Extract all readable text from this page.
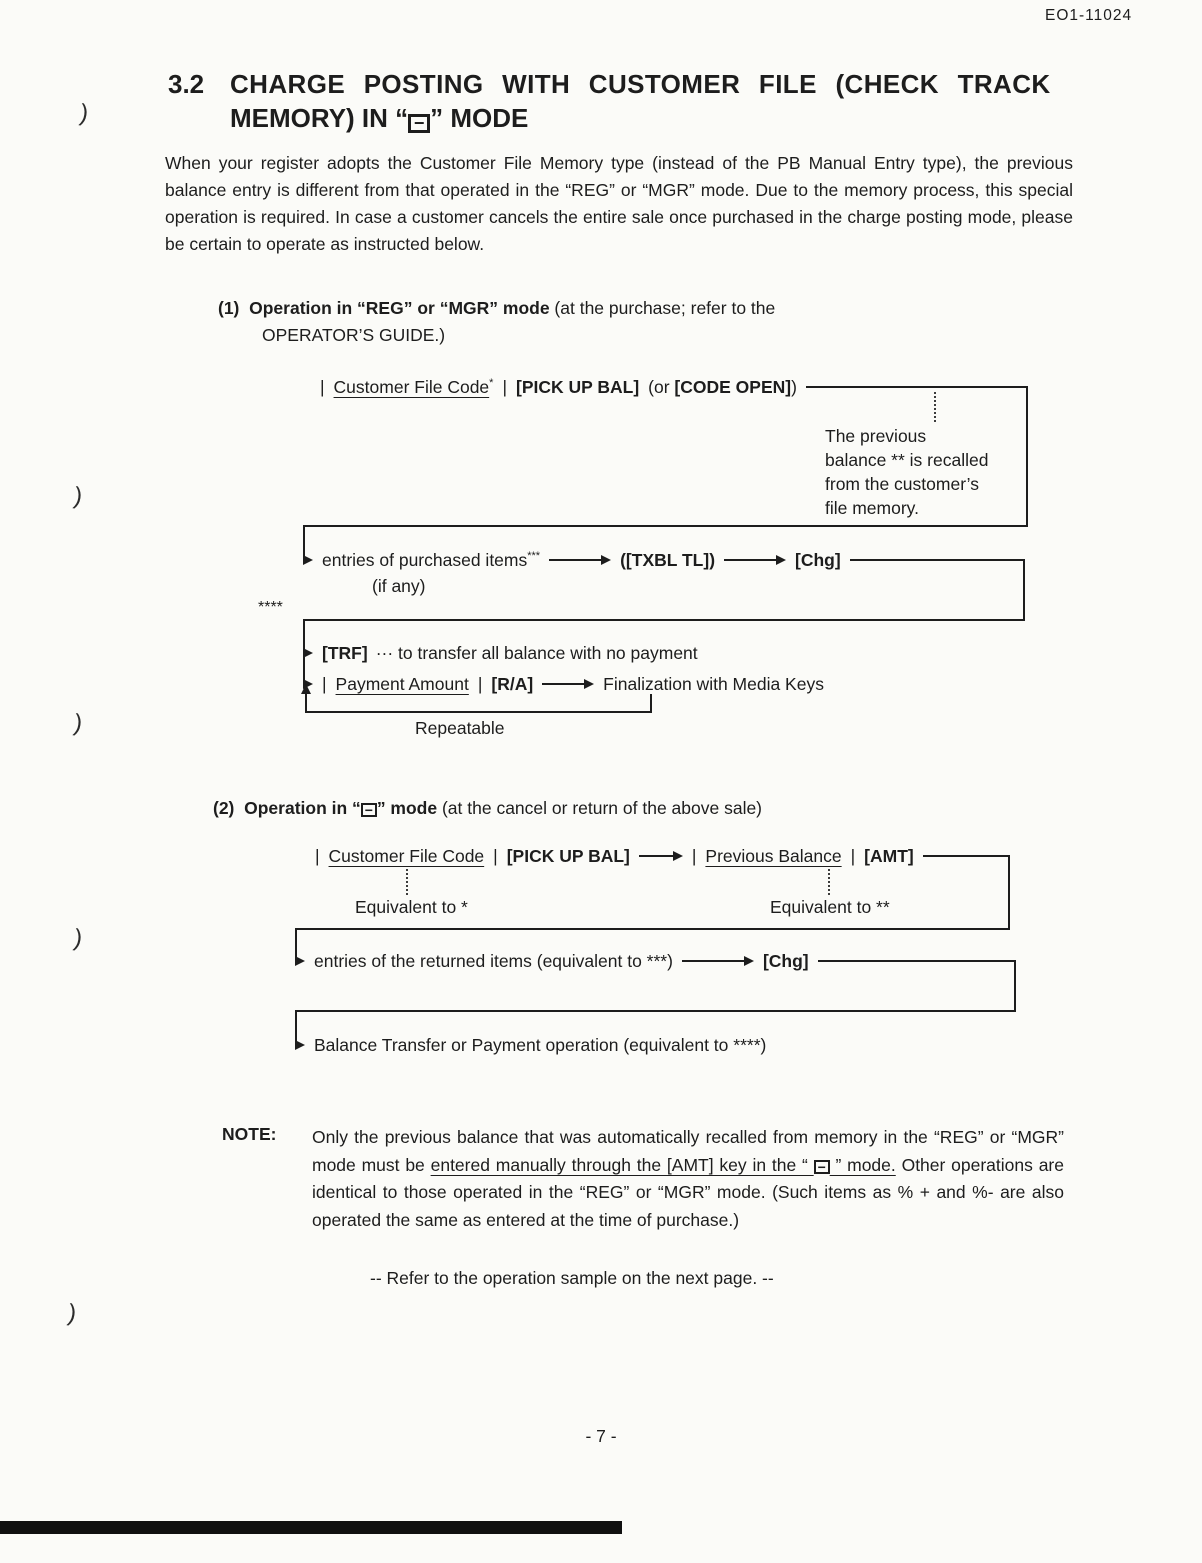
EO1-11024
)
)
)
)
)
3.2 CHARGE POSTING WITH CUSTOMER FILE (CHECK TRACK
MEMORY) IN “ − ” MODE
When your register adopts the Customer File Memory type (instead of the PB Manual Entry type), the previous balance entry is different from that operated in the “REG” or “MGR” mode. Due to the memory process, this special operation is required. In case a customer cancels the entire sale once purchased in the charge posting mode, please be certain to operate as instructed below.
(1) Operation in “REG” or “MGR” mode (at the purchase; refer to the
OPERATOR’S GUIDE.)
| Customer File Code* | [PICK UP BAL] (or [CODE OPEN])
The previous
balance ** is recalled
from the customer’s
file memory.
entries of purchased items***	([TXBL TL])	[Chg]
(if any)
****
[TRF] ··· to transfer all balance with no payment
| Payment Amount | [R/A]	Finalization with Media Keys
Repeatable
(2) Operation in “ − ” mode (at the cancel or return of the above sale)
| Customer File Code | [PICK UP BAL]	| Previous Balance | [AMT]
Equivalent to *	Equivalent to **
entries of the returned items (equivalent to ***)	[Chg]
Balance Transfer or Payment operation (equivalent to ****)
NOTE: Only the previous balance that was automatically recalled from memory in the “REG” or “MGR” mode must be entered manually through the [AMT] key in the “ − ” mode. Other operations are identical to those operated in the “REG” or “MGR” mode. (Such items as % + and %- are also operated the same as entered at the time of purchase.)
-- Refer to the operation sample on the next page. --
- 7 -
